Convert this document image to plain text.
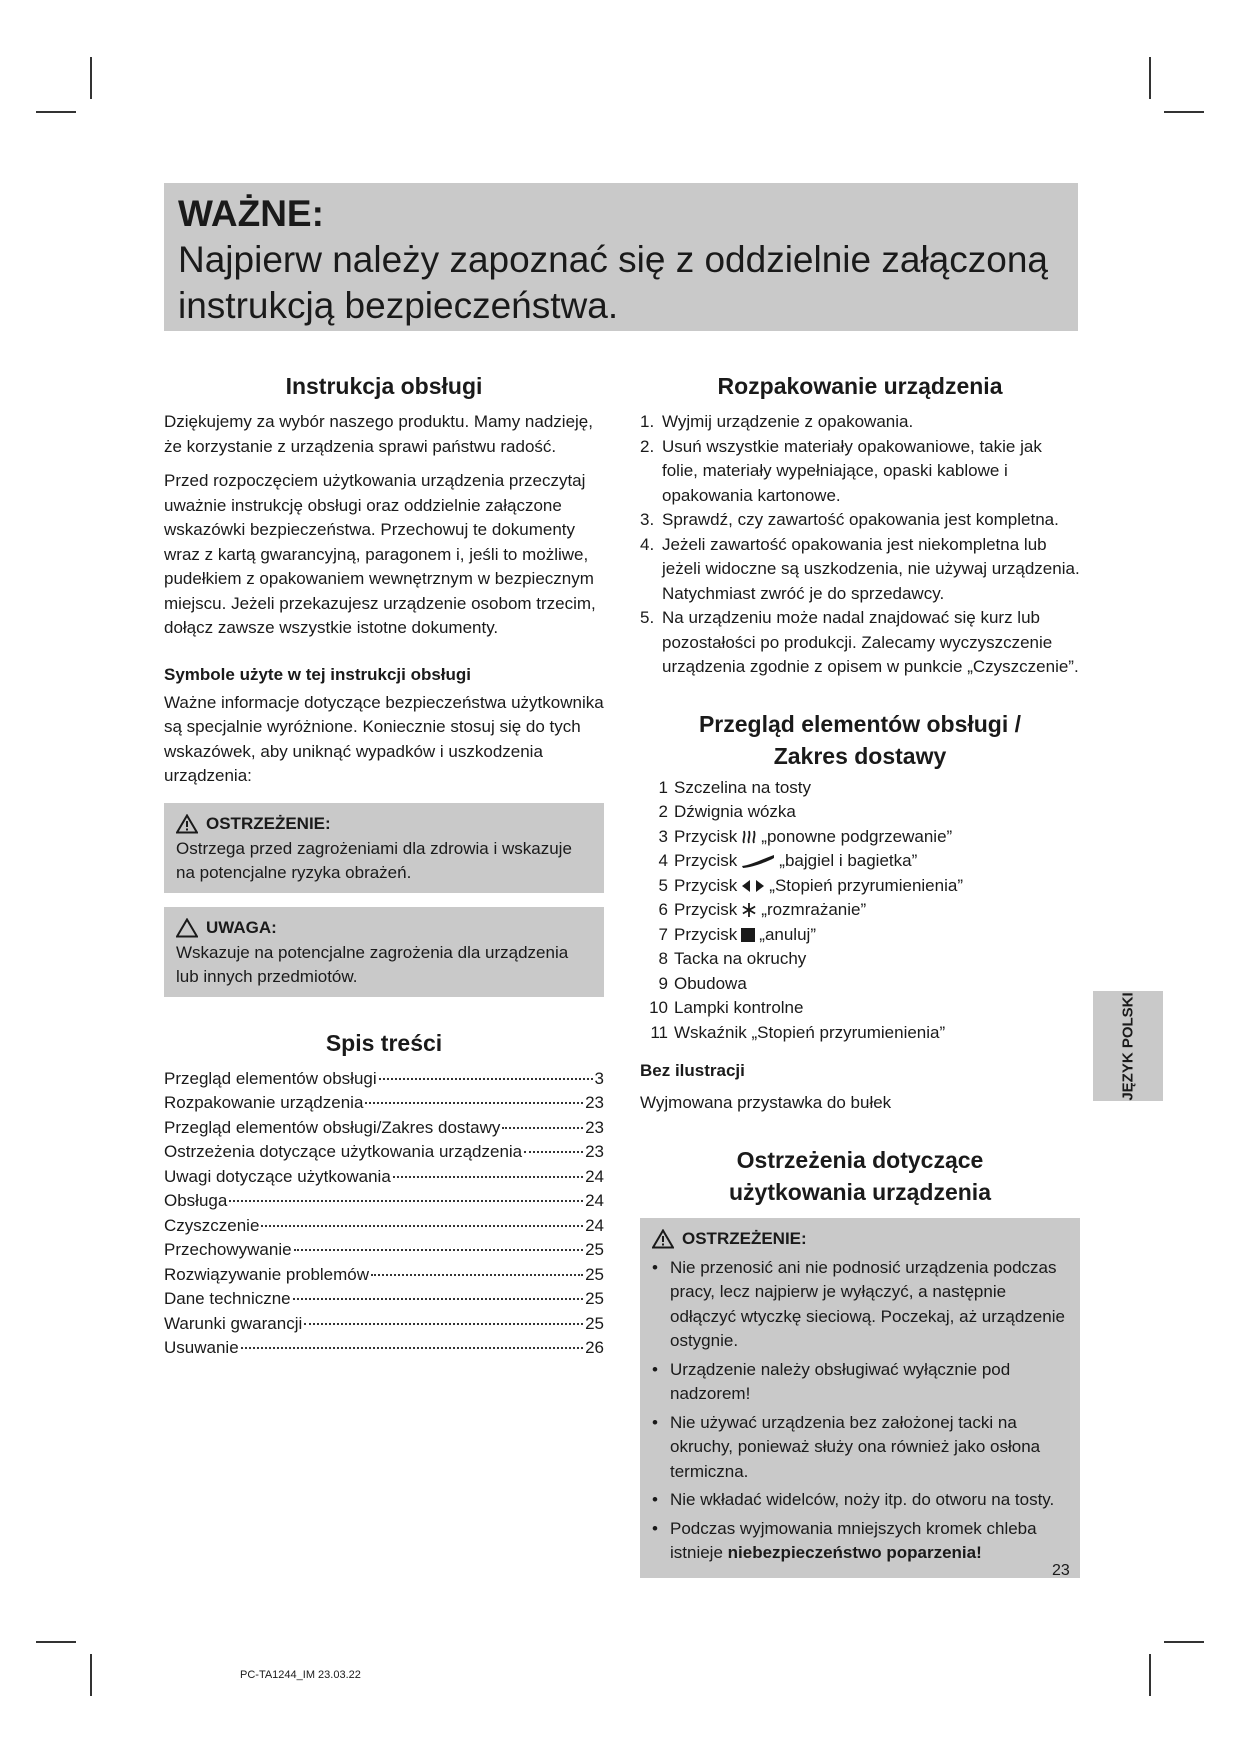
WAŻNE:
Najpierw należy zapoznać się z oddzielnie załączoną instrukcją bezpieczeństwa.
Instrukcja obsługi

Dziękujemy za wybór naszego produktu. Mamy nadzieję, że korzystanie z urządzenia sprawi państwu radość.

Przed rozpoczęciem użytkowania urządzenia przeczytaj uważnie instrukcję obsługi oraz oddzielnie załączone wskazówki bezpieczeństwa. Przechowuj te dokumenty wraz z kartą gwarancyjną, paragonem i, jeśli to możliwe, pudełkiem z opakowaniem wewnętrznym w bezpiecznym miejscu. Jeżeli przekazujesz urządzenie osobom trzecim, dołącz zawsze wszystkie istotne dokumenty.

Symbole użyte w tej instrukcji obsługi

Ważne informacje dotyczące bezpieczeństwa użytkownika są specjalnie wyróżnione. Koniecznie stosuj się do tych wskazówek, aby uniknąć wypadków i uszkodzenia urządzenia:

OSTRZEŻENIE:
Ostrzega przed zagrożeniami dla zdrowia i wskazuje na potencjalne ryzyka obrażeń.
UWAGA:
Wskazuje na potencjalne zagrożenia dla urządzenia lub innych przedmiotów.
Spis treści
Przegląd elementów obsługi	3
Rozpakowanie urządzenia	23
Przegląd elementów obsługi/Zakres dostawy	23
Ostrzeżenia dotyczące użytkowania urządzenia	23
Uwagi dotyczące użytkowania	24
Obsługa	24
Czyszczenie	24
Przechowywanie	25
Rozwiązywanie problemów	25
Dane techniczne	25
Warunki gwarancji	25
Usuwanie	26
Rozpakowanie urządzenia
1. Wyjmij urządzenie z opakowania.
2. Usuń wszystkie materiały opakowaniowe, takie jak folie, materiały wypełniające, opaski kablowe i opakowania kartonowe.
3. Sprawdź, czy zawartość opakowania jest kompletna.
4. Jeżeli zawartość opakowania jest niekompletna lub jeżeli widoczne są uszkodzenia, nie używaj urządzenia. Natychmiast zwróć je do sprzedawcy.
5. Na urządzeniu może nadal znajdować się kurz lub pozostałości po produkcji. Zalecamy wyczyszczenie urządzenia zgodnie z opisem w punkcie „Czyszczenie”.
Przegląd elementów obsługi /
Zakres dostawy
1 Szczelina na tosty
2 Dźwignia wózka
3 Przycisk „ponowne podgrzewanie”
4 Przycisk „bajgiel i bagietka”
5 Przycisk „Stopień przyrumienienia”
6 Przycisk „rozmrażanie”
7 Przycisk „anuluj”
8 Tacka na okruchy
9 Obudowa
10 Lampki kontrolne
11 Wskaźnik „Stopień przyrumienienia”
Bez ilustracji

Wyjmowana przystawka do bułek

Ostrzeżenia dotyczące
użytkowania urządzenia
OSTRZEŻENIE:
• Nie przenosić ani nie podnosić urządzenia podczas pracy, lecz najpierw je wyłączyć, a następnie odłączyć wtyczkę sieciową. Poczekaj, aż urządzenie ostygnie.
• Urządzenie należy obsługiwać wyłącznie pod nadzorem!
• Nie używać urządzenia bez założonej tacki na okruchy, ponieważ służy ona również jako osłona termiczna.
• Nie wkładać widelców, noży itp. do otworu na tosty.
• Podczas wyjmowania mniejszych kromek chleba istnieje niebezpieczeństwo poparzenia!
JĘZYK POLSKI
23
PC-TA1244_IM 23.03.22
